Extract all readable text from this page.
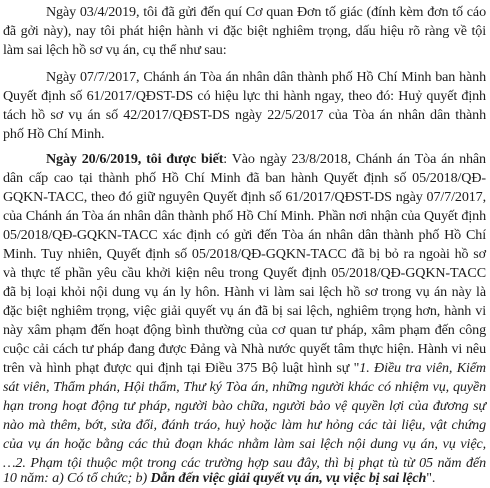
Ngày 03/4/2019, tôi đã gửi đến quí Cơ quan Đơn tố giác (đính kèm đơn tố cáo
đã gởi này), nay tôi phát hiện hành vi đặc biệt nghiêm trọng, dấu hiệu rõ ràng về tội
làm sai lệch hồ sơ vụ án, cụ thể như sau:
Ngày 07/7/2017, Chánh án Tòa án nhân dân thành phố Hồ Chí Minh ban hành
Quyết định số 61/2017/QĐST-DS có hiệu lực thi hành ngay, theo đó: Huỷ quyết định
tách hồ sơ vụ án số 42/2017/QĐST-DS ngày 22/5/2017 của Tòa án nhân dân thành
phố Hồ Chí Minh.
Ngày 20/6/2019, tôi được biết: Vào ngày 23/8/2018, Chánh án Tòa án nhân
dân cấp cao tại thành phố Hồ Chí Minh đã ban hành Quyết định số 05/2018/QĐ-
GQKN-TACC, theo đó giữ nguyên Quyết định số 61/2017/QĐST-DS ngày 07/7/2017,
của Chánh án Tòa án nhân dân thành phố Hồ Chí Minh. Phần nơi nhận của Quyết định
05/2018/QĐ-GQKN-TACC xác định có gửi đến Tòa án nhân dân thành phố Hồ Chí
Minh. Tuy nhiên, Quyết định số 05/2018/QĐ-GQKN-TACC đã bị bỏ ra ngoài hồ sơ
và thực tế phần yêu cầu khởi kiện nêu trong Quyết định 05/2018/QĐ-GQKN-TACC
đã bị loại khỏi nội dung vụ án ly hôn. Hành vi làm sai lệch hồ sơ trong vụ án này là
đặc biệt nghiêm trọng, việc giải quyết vụ án đã bị sai lệch, nghiêm trọng hơn, hành vi
này xâm phạm đến hoạt động bình thường của cơ quan tư pháp, xâm phạm đến công
cuộc cải cách tư pháp đang được Đảng và Nhà nước quyết tâm thực hiện. Hành vi nêu
trên và hình phạt được qui định tại Điều 375 Bộ luật hình sự "1. Điều tra viên, Kiểm
sát viên, Thẩm phán, Hội thẩm, Thư ký Tòa án, những người khác có nhiệm vụ, quyền
hạn trong hoạt động tư pháp, người bào chữa, người bảo vệ quyền lợi của đương sự
nào mà thêm, bớt, sửa đổi, đánh tráo, huỷ hoặc làm hư hỏng các tài liệu, vật chứng
của vụ án hoặc bằng các thủ đoạn khác nhằm làm sai lệch nội dung vụ án, vụ việc,
…2. Phạm tội thuộc một trong các trường hợp sau đây, thì bị phạt tù từ 05 năm đến
10 năm: a) Có tổ chức; b) Dẫn đến việc giải quyết vụ án, vụ việc bị sai lệch".
